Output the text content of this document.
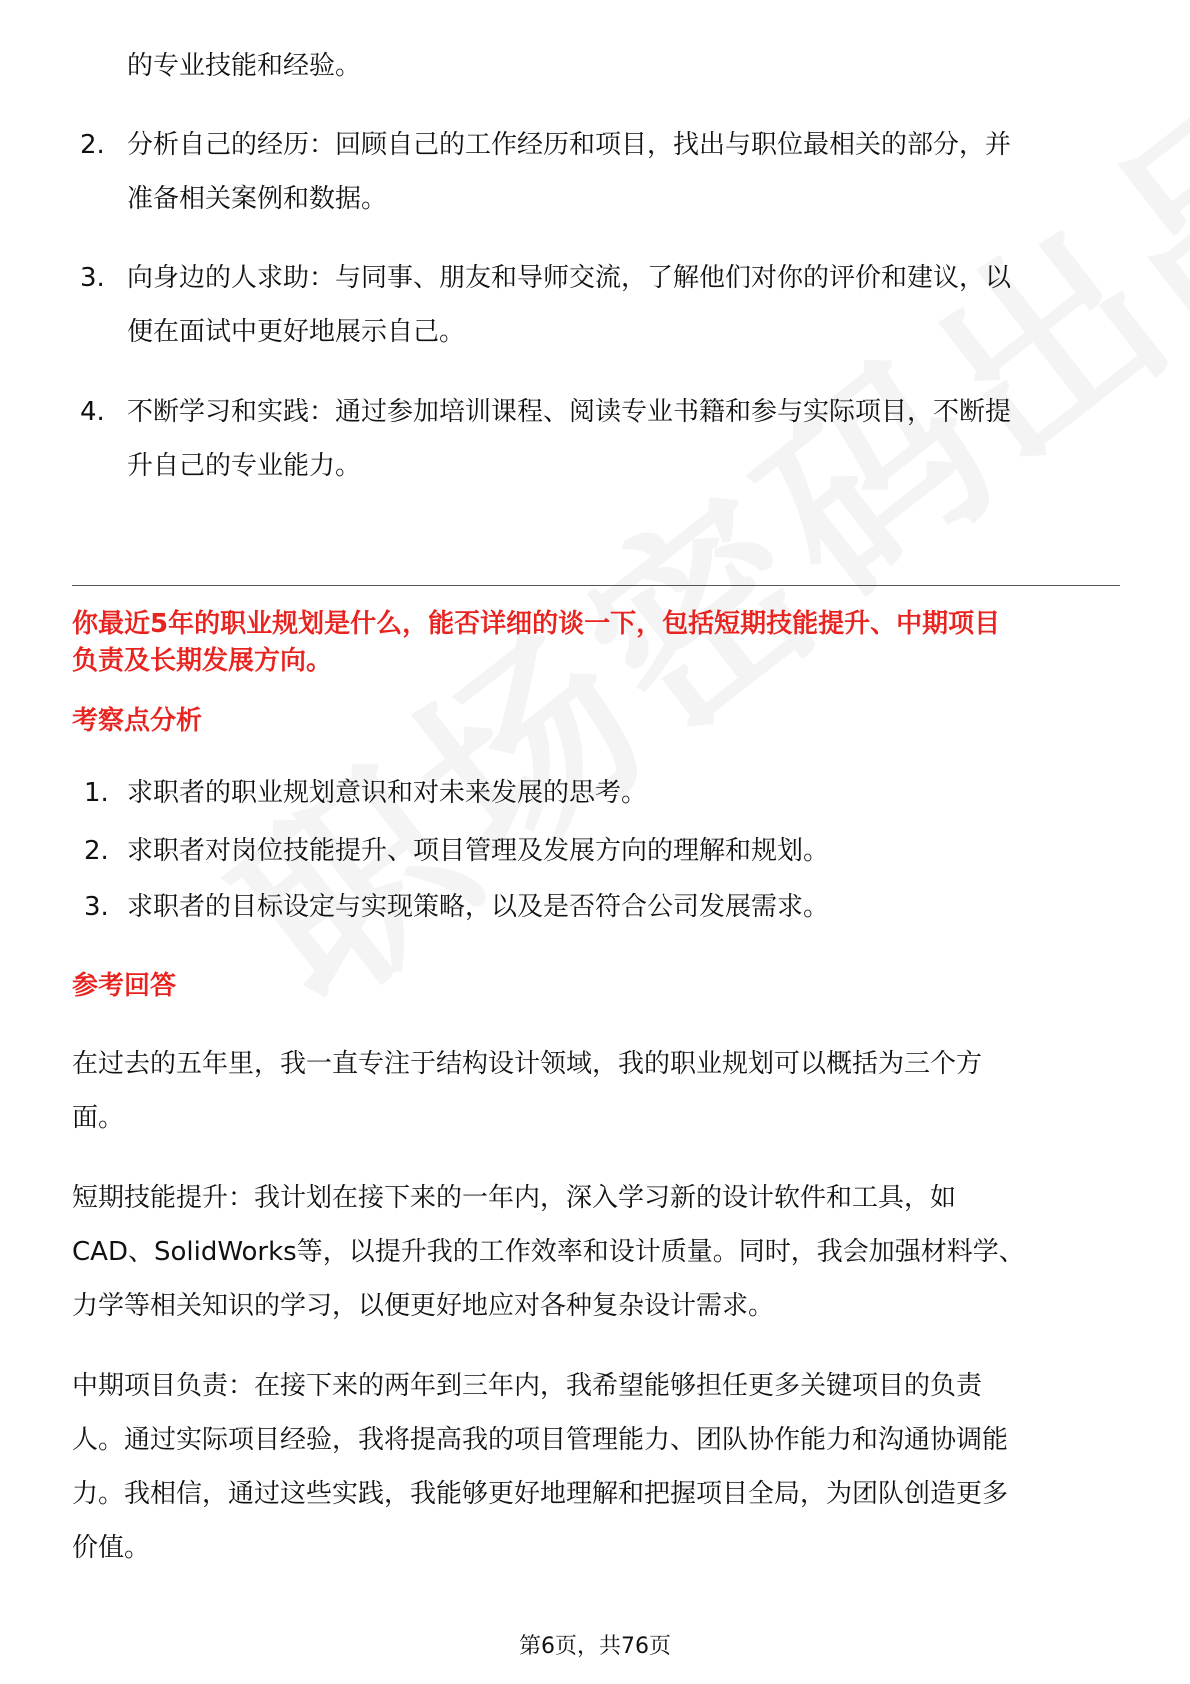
的专业技能和经验。
2. 分析自己的经历：回顾自己的工作经历和项目，找出与职位最相关的部分，并
准备相关案例和数据。
3. 向身边的人求助：与同事、朋友和导师交流，了解他们对你的评价和建议，以
便在面试中更好地展示自己。
4. 不断学习和实践：通过参加培训课程、阅读专业书籍和参与实际项目，不断提
升自己的专业能力。
你最近5年的职业规划是什么，能否详细的谈一下，包括短期技能提升、中期项目
负责及长期发展方向。
考察点分析
1. 求职者的职业规划意识和对未来发展的思考。
2. 求职者对岗位技能提升、项目管理及发展方向的理解和规划。
3. 求职者的目标设定与实现策略，以及是否符合公司发展需求。
参考回答
在过去的五年里，我一直专注于结构设计领域，我的职业规划可以概括为三个方
面。
短期技能提升：我计划在接下来的一年内，深入学习新的设计软件和工具，如
CAD、SolidWorks等，以提升我的工作效率和设计质量。同时，我会加强材料学、
力学等相关知识的学习，以便更好地应对各种复杂设计需求。
中期项目负责：在接下来的两年到三年内，我希望能够担任更多关键项目的负责
人。通过实际项目经验，我将提高我的项目管理能力、团队协作能力和沟通协调能
力。我相信，通过这些实践，我能够更好地理解和把握项目全局，为团队创造更多
价值。
第6页，共76页
